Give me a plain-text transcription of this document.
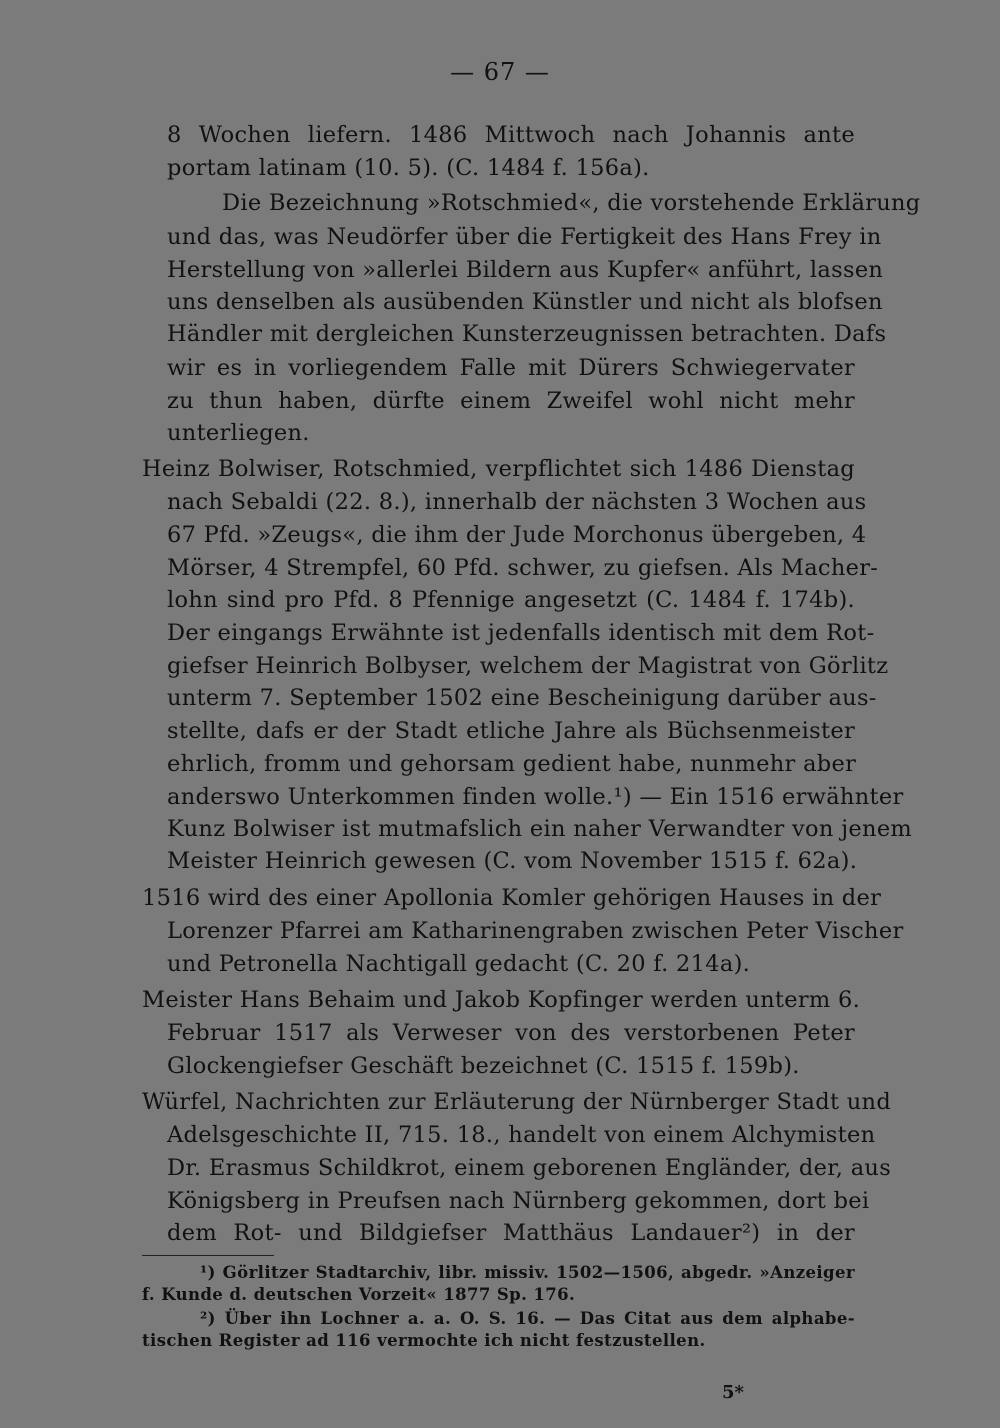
— 67 —
8 Wochen liefern. 1486 Mittwoch nach Johannis ante
portam latinam (10. 5). (C. 1484 f. 156a).
Die Bezeichnung »Rotschmied«, die vorstehende Erklärung
und das, was Neudörfer über die Fertigkeit des Hans Frey in
Herstellung von »allerlei Bildern aus Kupfer« anführt, lassen
uns denselben als ausübenden Künstler und nicht als blofsen
Händler mit dergleichen Kunsterzeugnissen betrachten. Dafs
wir es in vorliegendem Falle mit Dürers Schwiegervater
zu thun haben, dürfte einem Zweifel wohl nicht mehr
unterliegen.
Heinz Bolwiser, Rotschmied, verpflichtet sich 1486 Dienstag
nach Sebaldi (22. 8.), innerhalb der nächsten 3 Wochen aus
67 Pfd. »Zeugs«, die ihm der Jude Morchonus übergeben, 4
Mörser, 4 Strempfel, 60 Pfd. schwer, zu giefsen. Als Macher-
lohn sind pro Pfd. 8 Pfennige angesetzt (C. 1484 f. 174b).
Der eingangs Erwähnte ist jedenfalls identisch mit dem Rot-
giefser Heinrich Bolbyser, welchem der Magistrat von Görlitz
unterm 7. September 1502 eine Bescheinigung darüber aus-
stellte, dafs er der Stadt etliche Jahre als Büchsenmeister
ehrlich, fromm und gehorsam gedient habe, nunmehr aber
anderswo Unterkommen finden wolle.¹) — Ein 1516 erwähnter
Kunz Bolwiser ist mutmafslich ein naher Verwandter von jenem
Meister Heinrich gewesen (C. vom November 1515 f. 62a).
1516 wird des einer Apollonia Komler gehörigen Hauses in der
Lorenzer Pfarrei am Katharinengraben zwischen Peter Vischer
und Petronella Nachtigall gedacht (C. 20 f. 214a).
Meister Hans Behaim und Jakob Kopfinger werden unterm 6.
Februar 1517 als Verweser von des verstorbenen Peter
Glockengiefser Geschäft bezeichnet (C. 1515 f. 159b).
Würfel, Nachrichten zur Erläuterung der Nürnberger Stadt und
Adelsgeschichte II, 715. 18., handelt von einem Alchymisten
Dr. Erasmus Schildkrot, einem geborenen Engländer, der, aus
Königsberg in Preufsen nach Nürnberg gekommen, dort bei
dem Rot- und Bildgiefser Matthäus Landauer²) in der
¹) Görlitzer Stadtarchiv, libr. missiv. 1502—1506, abgedr. »Anzeiger
f. Kunde d. deutschen Vorzeit« 1877 Sp. 176.
²) Über ihn Lochner a. a. O. S. 16. — Das Citat aus dem alphabe-
tischen Register ad 116 vermochte ich nicht festzustellen.
5*
